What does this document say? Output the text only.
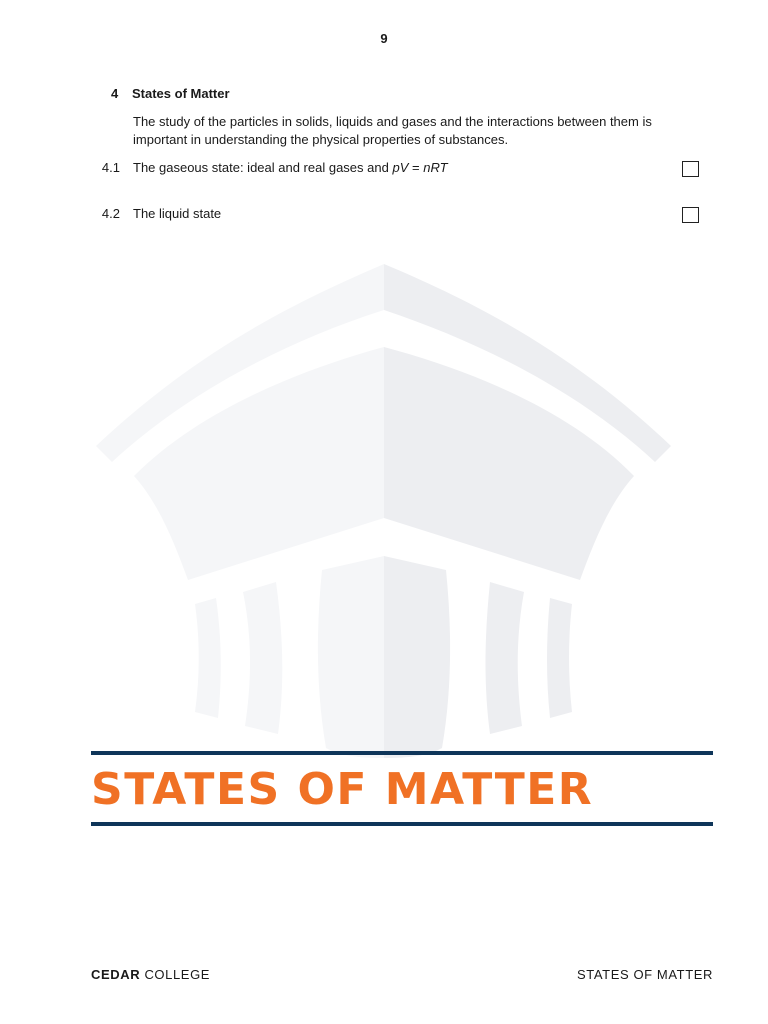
9
4 States of Matter
The study of the particles in solids, liquids and gases and the interactions between them is important in understanding the physical properties of substances.
4.1 The gaseous state: ideal and real gases and pV = nRT
4.2 The liquid state
STATES OF MATTER
CEDAR COLLEGE	STATES OF MATTER
